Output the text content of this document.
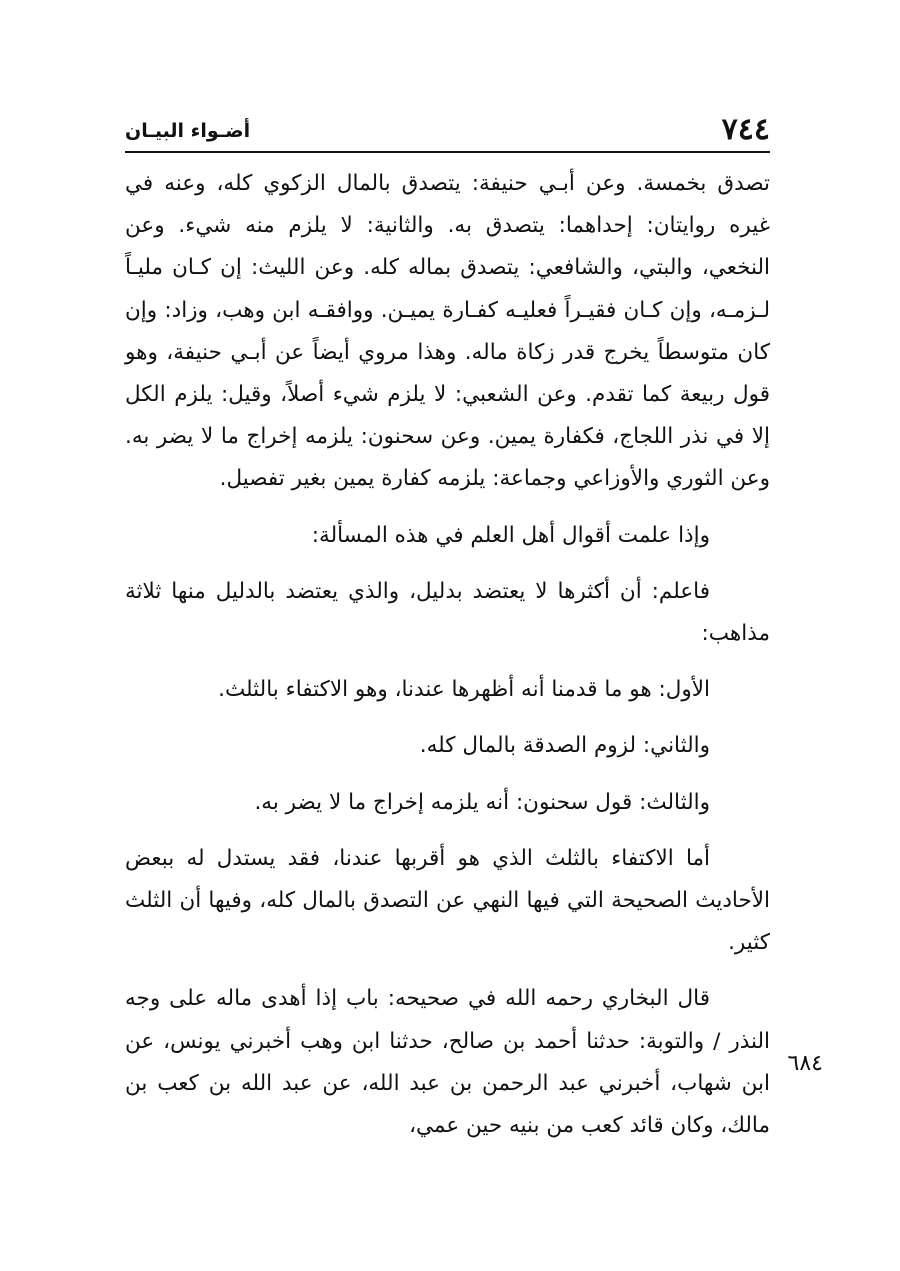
٧٤٤
أضـواء البيـان

تصدق بخمسة. وعن أبـي حنيفة: يتصدق بالمال الزكوي كله، وعنه في غيره روايتان: إحداهما: يتصدق به. والثانية: لا يلزم منه شيء. وعن النخعي، والبتي، والشافعي: يتصدق بماله كله. وعن الليث: إن كـان مليـاً لـزمـه، وإن كـان فقيـراً فعليـه كفـارة يميـن. ووافقـه ابن وهب، وزاد: وإن كان متوسطاً يخرج قدر زكاة ماله. وهذا مروي أيضاً عن أبـي حنيفة، وهو قول ربيعة كما تقدم. وعن الشعبي: لا يلزم شيء أصلاً، وقيل: يلزم الكل إلا في نذر اللجاج، فكفارة يمين. وعن سحنون: يلزمه إخراج ما لا يضر به. وعن الثوري والأوزاعي وجماعة: يلزمه كفارة يمين بغير تفصيل.

وإذا علمت أقوال أهل العلم في هذه المسألة:

فاعلم: أن أكثرها لا يعتضد بدليل، والذي يعتضد بالدليل منها ثلاثة مذاهب:

الأول: هو ما قدمنا أنه أظهرها عندنا، وهو الاكتفاء بالثلث.

والثاني: لزوم الصدقة بالمال كله.

والثالث: قول سحنون: أنه يلزمه إخراج ما لا يضر به.

أما الاكتفاء بالثلث الذي هو أقربها عندنا، فقد يستدل له ببعض الأحاديث الصحيحة التي فيها النهي عن التصدق بالمال كله، وفيها أن الثلث كثير.

قال البخاري رحمه الله في صحيحه: باب إذا أهدى ماله على وجه النذر / والتوبة: حدثنا أحمد بن صالح، حدثنا ابن وهب أخبرني يونس، عن ابن شهاب، أخبرني عبد الرحمن بن عبد الله، عن عبد الله بن كعب بن مالك، وكان قائد كعب من بنيه حين عمي،

٦٨٤
